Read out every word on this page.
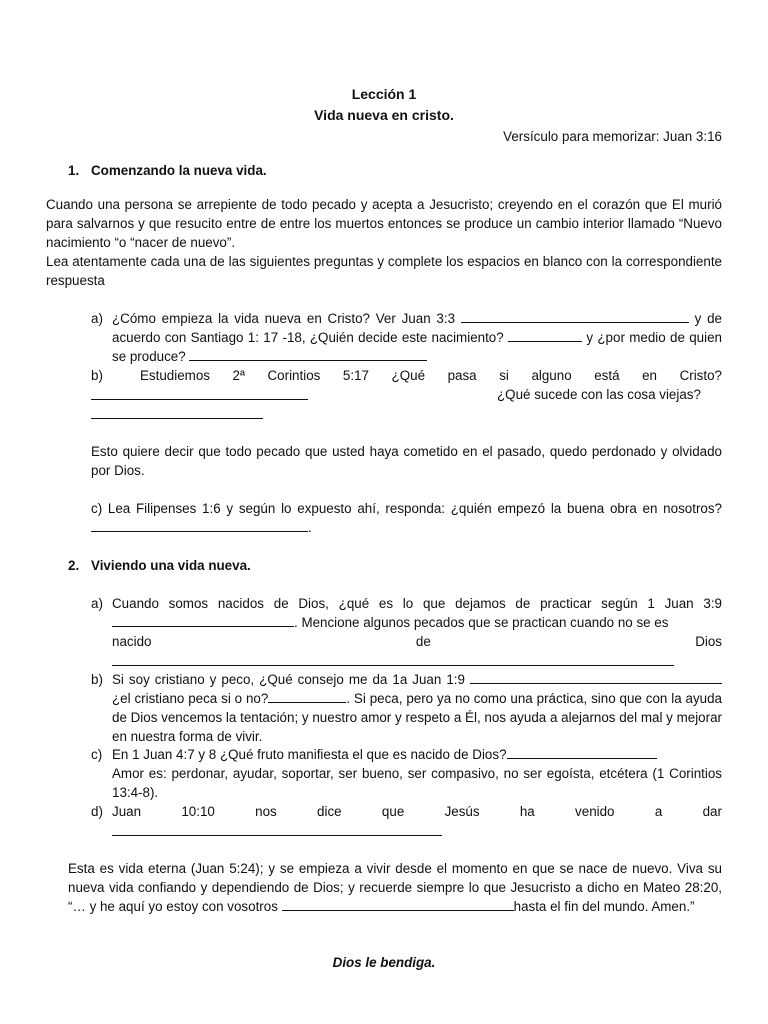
Lección 1
Vida nueva en cristo.
Versículo para memorizar: Juan 3:16
1. Comenzando la nueva vida.
Cuando una persona se arrepiente de todo pecado y acepta a Jesucristo; creyendo en el corazón que El murió para salvarnos y que resucito entre de entre los muertos entonces se produce un cambio interior llamado “Nuevo nacimiento “o “nacer de nuevo”.
Lea atentamente cada una de las siguientes preguntas y complete los espacios en blanco con la correspondiente respuesta
a) ¿Cómo empieza la vida nueva en Cristo? Ver Juan 3:3	y de acuerdo con Santiago 1: 17 -18, ¿Quién decide este nacimiento?	y ¿por medio de quien se produce?
b)	Estudiemos 2ª Corintios 5:17 ¿Qué pasa si alguno está en Cristo?
¿Qué sucede con las cosa viejas?
Esto quiere decir que todo pecado que usted haya cometido en el pasado, quedo perdonado y olvidado por Dios.
c) Lea Filipenses 1:6 y según lo expuesto ahí, responda: ¿quién empezó la buena obra en nosotros? .
2. Viviendo una vida nueva.
a) Cuando somos nacidos de Dios, ¿qué es lo que dejamos de practicar según 1 Juan 3:9. Mencione algunos pecados que se practican cuando no se es
nacido	de	Dios
b) Si soy cristiano y peco, ¿Qué consejo me da 1a Juan 1:9  ¿el cristiano peca si o no?	. Si peca, pero ya no como una práctica, sino que con la ayuda de Dios vencemos la tentación; y nuestro amor y respeto a Él, nos ayuda a alejarnos del mal y mejorar en nuestra forma de vivir.
c) En 1 Juan 4:7 y 8 ¿Qué fruto manifiesta el que es nacido de Dios?
Amor es: perdonar, ayudar, soportar, ser bueno, ser compasivo, no ser egoísta, etcétera (1 Corintios 13:4-8).
d) Juan	10:10	nos	dice	que	Jesús	ha	venido	a	dar
Esta es vida eterna (Juan 5:24); y se empieza a vivir desde el momento en que se nace de nuevo. Viva su nueva vida confiando y dependiendo de Dios; y recuerde siempre lo que Jesucristo a dicho en Mateo 28:20, “… y he aquí yo estoy con vosotros	hasta el fin del mundo. Amen.”
Dios le bendiga.
